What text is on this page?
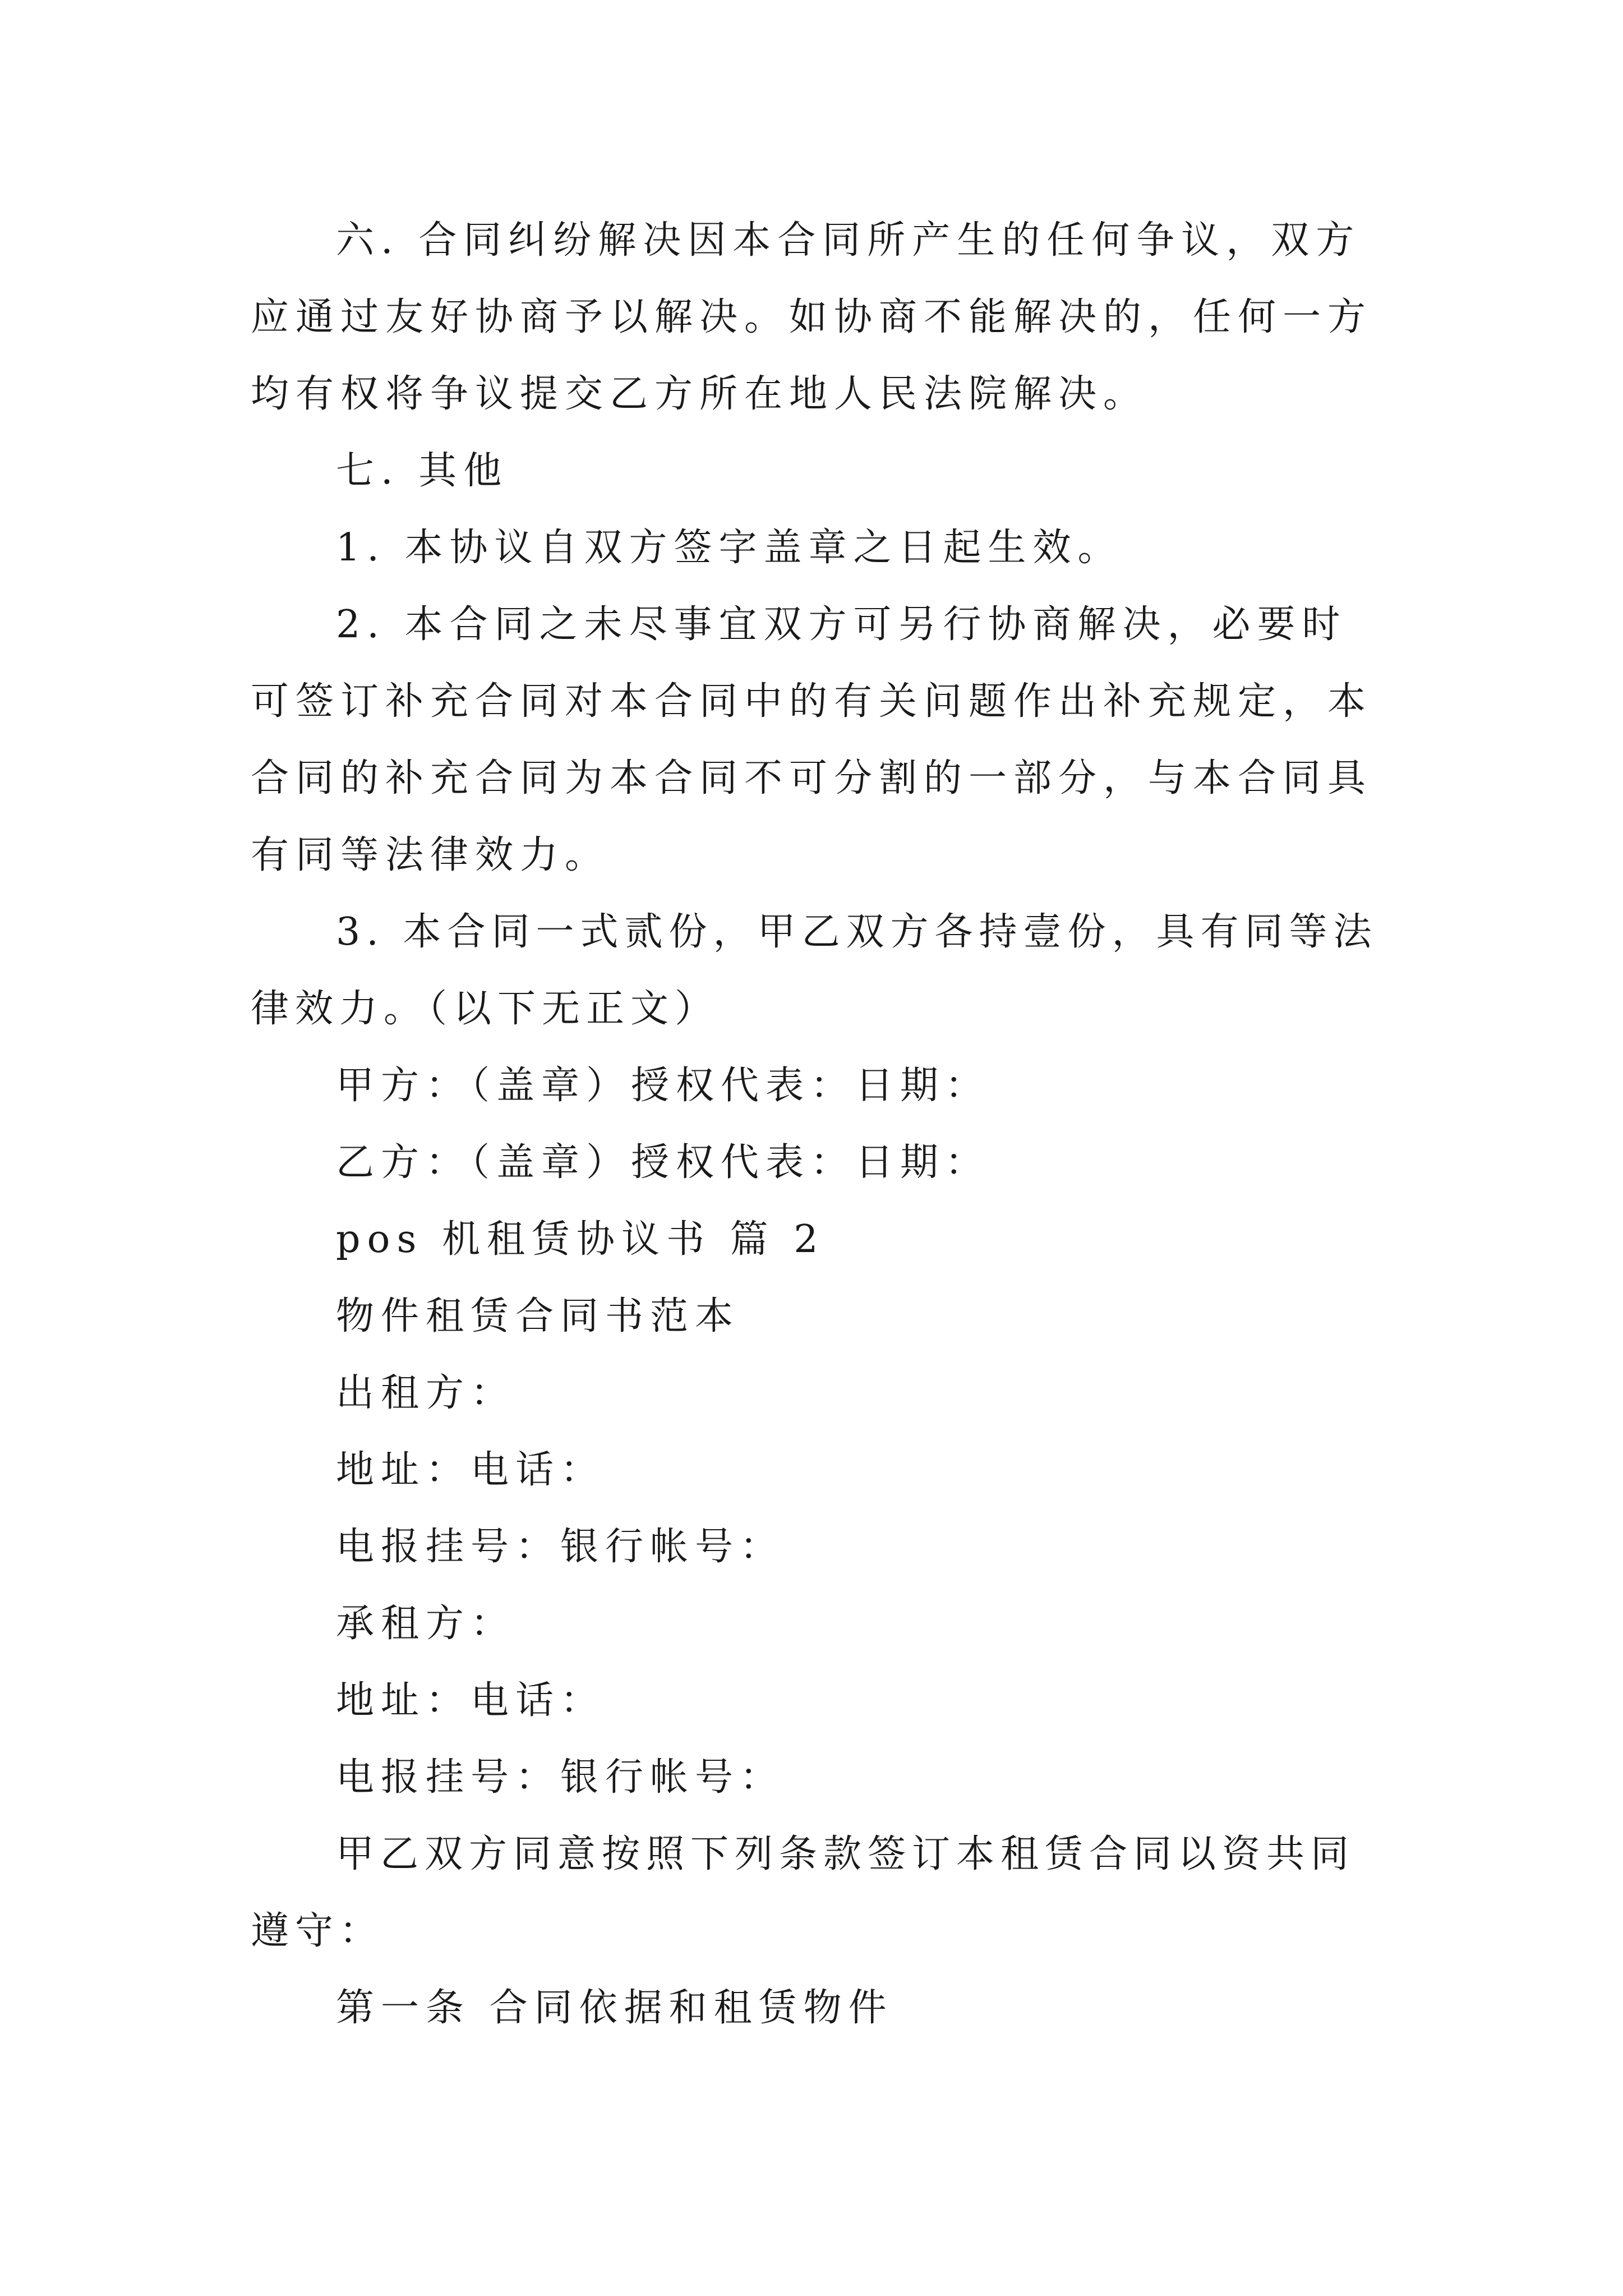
六. 合同纠纷解决因本合同所产生的任何争议，双方应通过友好协商予以解决。如协商不能解决的，任何一方均有权将争议提交乙方所在地人民法院解决。

七. 其他

1. 本协议自双方签字盖章之日起生效。

2. 本合同之未尽事宜双方可另行协商解决，必要时可签订补充合同对本合同中的有关问题作出补充规定，本合同的补充合同为本合同不可分割的一部分，与本合同具有同等法律效力。

3. 本合同一式贰份，甲乙双方各持壹份，具有同等法律效力。（以下无正文）

甲方：（盖章）授权代表：日期：

乙方：（盖章）授权代表：日期：

pos 机租赁协议书 篇 2

物件租赁合同书范本

出租方：

地址：电话：

电报挂号：银行帐号：

承租方：

地址：电话：

电报挂号：银行帐号：

甲乙双方同意按照下列条款签订本租赁合同以资共同遵守：

第一条 合同依据和租赁物件
